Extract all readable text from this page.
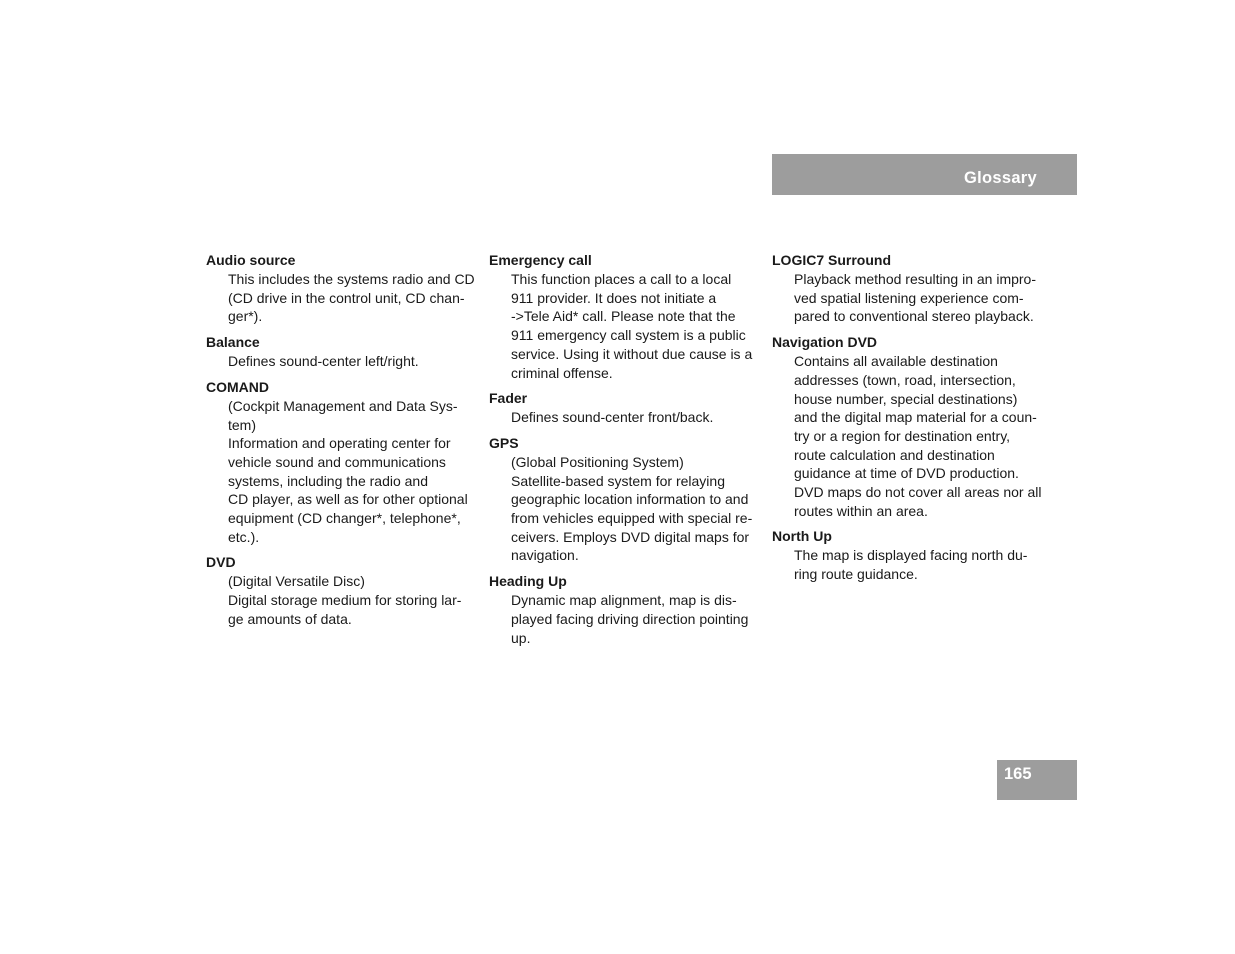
Glossary
165
Audio source
This includes the systems radio and CD
(CD drive in the control unit, CD chan-
ger*).
Balance
Defines sound-center left/right.
COMAND
(Cockpit Management and Data Sys-
tem)
Information and operating center for
vehicle sound and communications
systems, including the radio and
CD player, as well as for other optional
equipment (CD changer*, telephone*,
etc.).
DVD
(Digital Versatile Disc)
Digital storage medium for storing lar-
ge amounts of data.
Emergency call
This function places a call to a local
911 provider. It does not initiate a
->Tele Aid* call. Please note that the
911 emergency call system is a public
service. Using it without due cause is a
criminal offense.
Fader
Defines sound-center front/back.
GPS
(Global Positioning System)
Satellite-based system for relaying
geographic location information to and
from vehicles equipped with special re-
ceivers. Employs DVD digital maps for
navigation.
Heading Up
Dynamic map alignment, map is dis-
played facing driving direction pointing
up.
LOGIC7 Surround
Playback method resulting in an impro-
ved spatial listening experience com-
pared to conventional stereo playback.
Navigation DVD
Contains all available destination
addresses (town, road, intersection,
house number, special destinations)
and the digital map material for a coun-
try or a region for destination entry,
route calculation and destination
guidance at time of DVD production.
DVD maps do not cover all areas nor all
routes within an area.
North Up
The map is displayed facing north du-
ring route guidance.
